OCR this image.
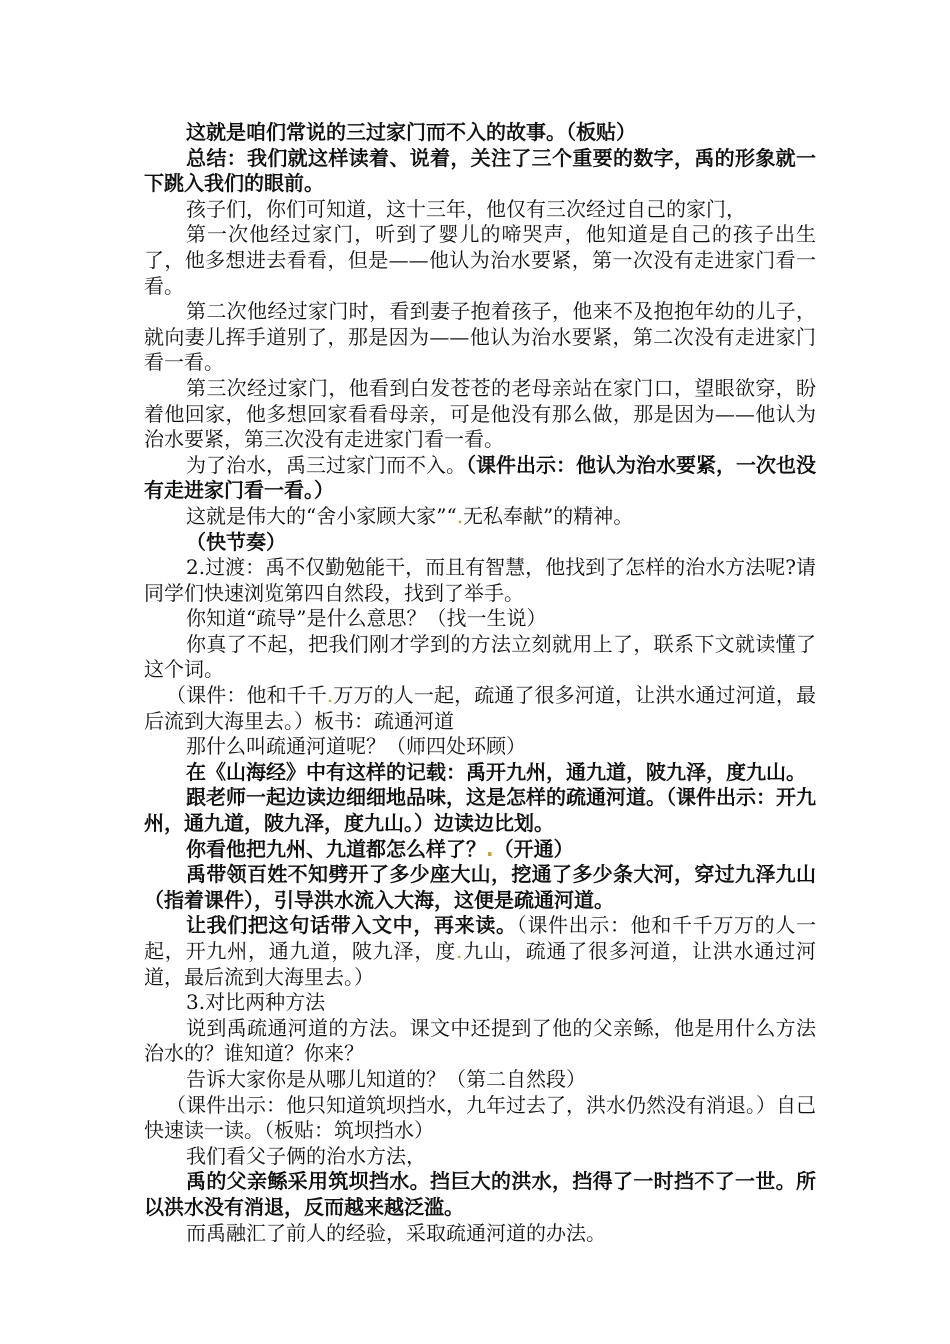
这就是咱们常说的三过家门而不入的故事。（板贴）

总结：我们就这样读着、说着，关注了三个重要的数字，禹的形象就一下跳入我们的眼前。

孩子们，你们可知道，这十三年，他仅有三次经过自己的家门，

第一次他经过家门，听到了婴儿的啼哭声，他知道是自己的孩子出生了，他多想进去看看，但是——他认为治水要紧，第一次没有走进家门看一看。

第二次他经过家门时，看到妻子抱着孩子，他来不及抱抱年幼的儿子，就向妻儿挥手道别了，那是因为——他认为治水要紧，第二次没有走进家门看一看。

第三次经过家门，他看到白发苍苍的老母亲站在家门口，望眼欲穿，盼着他回家，他多想回家看看母亲，可是他没有那么做，那是因为——他认为治水要紧，第三次没有走进家门看一看。

为了治水，禹三过家门而不入。（课件出示：他认为治水要紧，一次也没有走进家门看一看。）

这就是伟大的“舍小家顾大家”“.无私奉献”的精神。

（快节奏）

2.过渡：禹不仅勤勉能干，而且有智慧，他找到了怎样的治水方法呢?请同学们快速浏览第四自然段，找到了举手。

你知道“疏导”是什么意思？（找一生说）

你真了不起，把我们刚才学到的方法立刻就用上了，联系下文就读懂了这个词。

（课件：他和千千.万万的人一起，疏通了很多河道，让洪水通过河道，最后流到大海里去。）板书：疏通河道

那什么叫疏通河道呢？（师四处环顾）

在《山海经》中有这样的记载：禹开九州，通九道，陂九泽，度九山。

跟老师一起边读边细细地品味，这是怎样的疏通河道。（课件出示：开九州，通九道，陂九泽，度九山。）边读边比划。

你看他把九州、九道都怎么样了？.（开通）

禹带领百姓不知劈开了多少座大山，挖通了多少条大河，穿过九泽九山（指着课件），引导洪水流入大海，这便是疏通河道。

让我们把这句话带入文中，再来读。（课件出示：他和千千万万的人一起，开九州，通九道，陂九泽，度.九山，疏通了很多河道，让洪水通过河道，最后流到大海里去。）

3.对比两种方法

说到禹疏通河道的方法。课文中还提到了他的父亲鲧，他是用什么方法治水的？谁知道？你来？

告诉大家你是从哪儿知道的？（第二自然段）

（课件出示：他只知道筑坝挡水，九年过去了，洪水仍然没有消退。）自己快速读一读。（板贴：筑坝挡水）

我们看父子俩的治水方法，

禹的父亲鲧采用筑坝挡水。挡巨大的洪水，挡得了一时挡不了一世。所以洪水没有消退，反而越来越泛滥。

而禹融汇了前人的经验，采取疏通河道的办法。
